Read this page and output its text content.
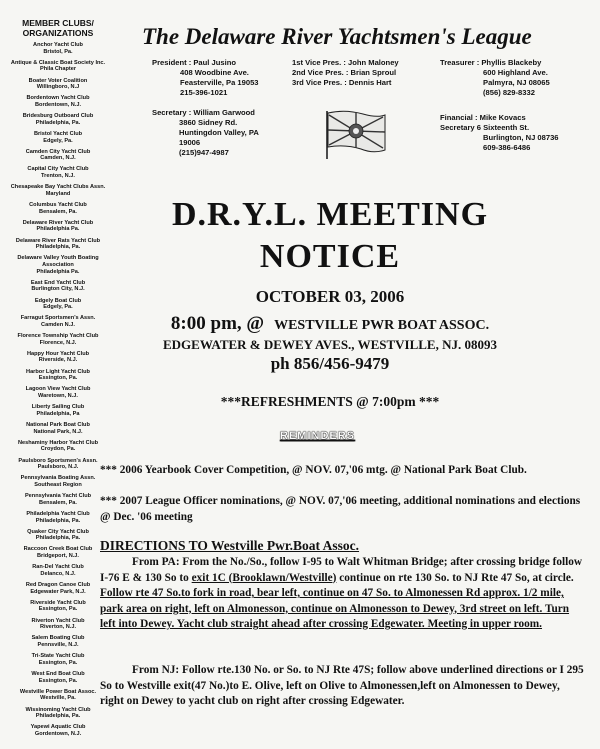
MEMBER CLUBS/
ORGANIZATIONS
Anchor Yacht Club
Bristol, Pa.
Antique & Classic Boat Society Inc. Phila Chapter
Boater Voter Coalition
Willingboro, N.J
Bordentown Yacht Club
Bordentown, N.J.
Bridesburg Outboard Club
Philadelphia, Pa.
Bristol Yacht Club
Edgely, Pa.
Camden City Yacht Club
Camden, N.J.
Capital City Yacht Club
Trenton, N.J.
Chesapeake Bay Yacht Clubs Assn.
Maryland
Columbus Yacht Club
Bensalem, Pa.
Delaware River Yacht Club
Philadelphia Pa.
Delaware River Rats Yacht Club
Philadelphia, Pa.
Delaware Valley Youth Boating Association
Philadelphia Pa.
East End Yacht Club
Burlington City, N.J.
Edgely Boat Club
Edgely, Pa.
Farragut Sportsmen's Assn.
Camden N.J.
Florence Township Yacht Club
Florence, N.J.
Happy Hour Yacht Club
Riverside, N.J.
Harbor Light Yacht Club
Essington, Pa.
Lagoon View Yacht Club
Waretown, N.J.
Liberty Sailing Club
Philadelphia, Pa
National Park Boat Club
National Park, N.J.
Neshaminy Harbor Yacht Club
Croydon, Pa.
Paulsboro Sportsmen's Assn.
Paulsboro, N.J.
Pennsylvania Boating Assn.
Southeast Region
Pennsylvania Yacht Club
Bensalem, Pa.
Philadelphia Yacht Club
Philadelphia, Pa.
Quaker City Yacht Club
Philadelphia, Pa.
Raccoon Creek Boat Club
Bridgeport, N.J.
Ran-Del Yacht Club
Delanco, N.J.
Red Dragon Canoe Club
Edgewater Park, N.J.
Riverside Yacht Club
Essington, Pa.
Riverton Yacht Club
Riverton, N.J.
Salem Boating Club
Pennsville, N.J.
Tri-State Yacht Club
Essington, Pa.
West End Boat Club
Essington, Pa.
Westville Power Boat Assoc.
Westville, Pa.
Wissinoming Yacht Club
Philadelphia, Pa.
Yapewi Aquatic Club
Gordentown, N.J.
The Delaware River Yachtsmen's League
President : Paul Jusino
408 Woodbine Ave.
Feasterville, Pa 19053
215-396-1021
Secretary : William Garwood
3860 Sidney Rd.
Huntingdon Valley, PA
19006
(215)947-4987
1st Vice Pres. : John Maloney
2nd Vice Pres. : Brian Sproul
3rd Vice Pres. : Dennis Hart
Treasurer : Phyllis Blackeby
600 Highland Ave.
Palmyra, NJ 08065
(856) 829-8332
Financial : Mike Kovacs
Secretary 6 Sixteenth St.
Burlington, NJ 08736
609-386-6486
D.R.Y.L. MEETING
NOTICE
OCTOBER 03, 2006
8:00 pm, @ WESTVILLE PWR BOAT ASSOC.
EDGEWATER & DEWEY AVES., WESTVILLE, NJ. 08093
ph 856/456-9479
***REFRESHMENTS @ 7:00pm ***
REMINDERS
*** 2006 Yearbook Cover Competition, @ NOV. 07,'06 mtg. @ National Park Boat Club.
*** 2007 League Officer nominations, @ NOV. 07,'06 meeting, additional nominations and elections @ Dec. '06 meeting
DIRECTIONS TO Westville Pwr.Boat Assoc.
From PA: From the No./So., follow I-95 to Walt Whitman Bridge; after crossing bridge follow I-76 E & 130 So to exit 1C (Brooklawn/Westville) continue on rte 130 So. to NJ Rte 47 So, at circle. Follow rte 47 So.to fork in road, bear left, continue on 47 So. to Almonessen Rd approx. 1/2 mile, park area on right, left on Almonesson, continue on Almonesson to Dewey, 3rd street on left. Turn left into Dewey. Yacht club straight ahead after crossing Edgewater. Meeting in upper room.
From NJ: Follow rte.130 No. or So. to NJ Rte 47S; follow above underlined directions or I 295 So to Westville exit(47 No.)to E. Olive, left on Olive to Almonessen,left on Almonessen to Dewey, right on Dewey to yacht club on right after crossing Edgewater.
